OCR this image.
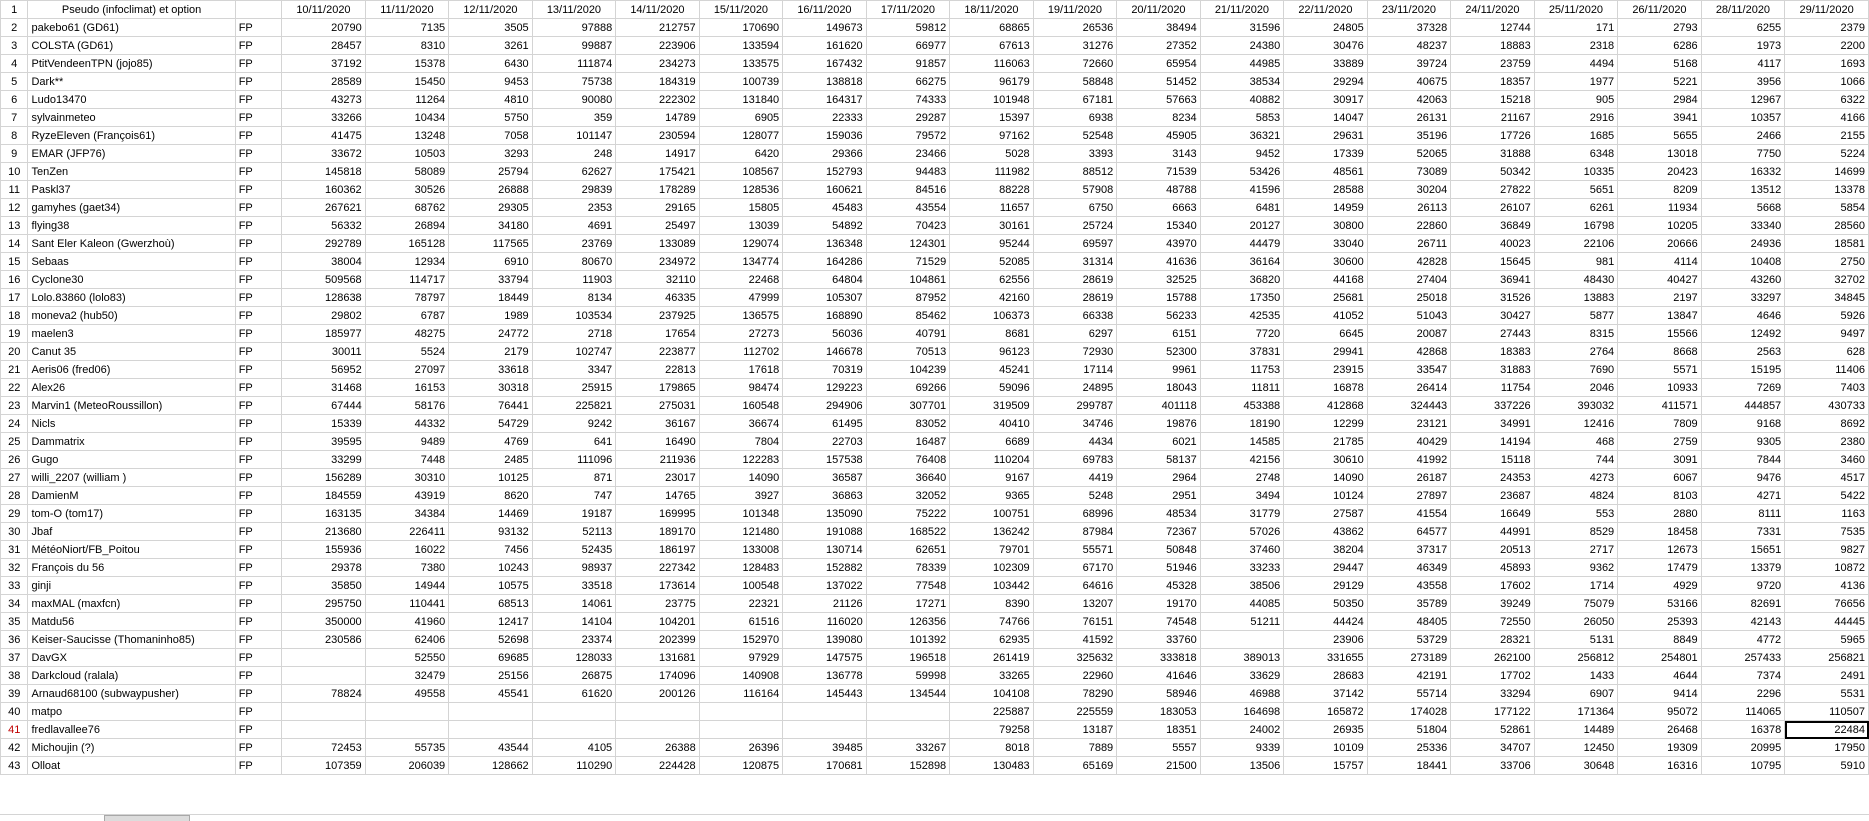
1	Pseudo (infoclimat) et option		10/11/2020	11/11/2020	12/11/2020	13/11/2020	14/11/2020	15/11/2020	16/11/2020	17/11/2020	18/11/2020	19/11/2020	20/11/2020	21/11/2020	22/11/2020	23/11/2020	24/11/2020	25/11/2020	26/11/2020	28/11/2020	29/11/2020
2	pakebo61 (GD61)	FP	20790	7135	3505	97888	212757	170690	149673	59812	68865	26536	38494	31596	24805	37328	12744	171	2793	6255	2379
3	COLSTA (GD61)	FP	28457	8310	3261	99887	223906	133594	161620	66977	67613	31276	27352	24380	30476	48237	18883	2318	6286	1973	2200
4	PtitVendeenTPN (jojo85)	FP	37192	15378	6430	111874	234273	133575	167432	91857	116063	72660	65954	44985	33889	39724	23759	4494	5168	4117	1693
5	Dark**	FP	28589	15450	9453	75738	184319	100739	138818	66275	96179	58848	51452	38534	29294	40675	18357	1977	5221	3956	1066
6	Ludo13470	FP	43273	11264	4810	90080	222302	131840	164317	74333	101948	67181	57663	40882	30917	42063	15218	905	2984	12967	6322
7	sylvainmeteo	FP	33266	10434	5750	359	14789	6905	22333	29287	15397	6938	8234	5853	14047	26131	21167	2916	3941	10357	4166
8	RyzeEleven (François61)	FP	41475	13248	7058	101147	230594	128077	159036	79572	97162	52548	45905	36321	29631	35196	17726	1685	5655	2466	2155
9	EMAR (JFP76)	FP	33672	10503	3293	248	14917	6420	29366	23466	5028	3393	3143	9452	17339	52065	31888	6348	13018	7750	5224
10	TenZen	FP	145818	58089	25794	62627	175421	108567	152793	94483	111982	88512	71539	53426	48561	73089	50342	10335	20423	16332	14699
11	Paskl37	FP	160362	30526	26888	29839	178289	128536	160621	84516	88228	57908	48788	41596	28588	30204	27822	5651	8209	13512	13378
12	gamyhes (gaet34)	FP	267621	68762	29305	2353	29165	15805	45483	43554	11657	6750	6663	6481	14959	26113	26107	6261	11934	5668	5854
13	flying38	FP	56332	26894	34180	4691	25497	13039	54892	70423	30161	25724	15340	20127	30800	22860	36849	16798	10205	33340	28560
14	Sant Eler Kaleon (Gwerzhoù)	FP	292789	165128	117565	23769	133089	129074	136348	124301	95244	69597	43970	44479	33040	26711	40023	22106	20666	24936	18581
15	Sebaas	FP	38004	12934	6910	80670	234972	134774	164286	71529	52085	31314	41636	36164	30600	42828	15645	981	4114	10408	2750
16	Cyclone30	FP	509568	114717	33794	11903	32110	22468	64804	104861	62556	28619	32525	36820	44168	27404	36941	48430	40427	43260	32702
17	Lolo.83860 (lolo83)	FP	128638	78797	18449	8134	46335	47999	105307	87952	42160	28619	15788	17350	25681	25018	31526	13883	2197	33297	34845
18	moneva2 (hub50)	FP	29802	6787	1989	103534	237925	136575	168890	85462	106373	66338	56233	42535	41052	51043	30427	5877	13847	4646	5926
19	maelen3	FP	185977	48275	24772	2718	17654	27273	56036	40791	8681	6297	6151	7720	6645	20087	27443	8315	15566	12492	9497
20	Canut 35	FP	30011	5524	2179	102747	223877	112702	146678	70513	96123	72930	52300	37831	29941	42868	18383	2764	8668	2563	628
21	Aeris06 (fred06)	FP	56952	27097	33618	3347	22813	17618	70319	104239	45241	17114	9961	11753	23915	33547	31883	7690	5571	15195	11406
22	Alex26	FP	31468	16153	30318	25915	179865	98474	129223	69266	59096	24895	18043	11811	16878	26414	11754	2046	10933	7269	7403
23	Marvin1 (MeteoRoussillon)	FP	67444	58176	76441	225821	275031	160548	294906	307701	319509	299787	401118	453388	412868	324443	337226	393032	411571	444857	430733
24	Nicls	FP	15339	44332	54729	9242	36167	36674	61495	83052	40410	34746	19876	18190	12299	23121	34991	12416	7809	9168	8692
25	Dammatrix	FP	39595	9489	4769	641	16490	7804	22703	16487	6689	4434	6021	14585	21785	40429	14194	468	2759	9305	2380
26	Gugo	FP	33299	7448	2485	111096	211936	122283	157538	76408	110204	69783	58137	42156	30610	41992	15118	744	3091	7844	3460
27	willi_2207 (william )	FP	156289	30310	10125	871	23017	14090	36587	36640	9167	4419	2964	2748	14090	26187	24353	4273	6067	9476	4517
28	DamienM	FP	184559	43919	8620	747	14765	3927	36863	32052	9365	5248	2951	3494	10124	27897	23687	4824	8103	4271	5422
29	tom-O (tom17)	FP	163135	34384	14469	19187	169995	101348	135090	75222	100751	68996	48534	31779	27587	41554	16649	553	2880	8111	1163
30	Jbaf	FP	213680	226411	93132	52113	189170	121480	191088	168522	136242	87984	72367	57026	43862	64577	44991	8529	18458	7331	7535
31	MétéoNiort/FB_Poitou	FP	155936	16022	7456	52435	186197	133008	130714	62651	79701	55571	50848	37460	38204	37317	20513	2717	12673	15651	9827
32	François du 56	FP	29378	7380	10243	98937	227342	128483	152882	78339	102309	67170	51946	33233	29447	46349	45893	9362	17479	13379	10872
33	ginji	FP	35850	14944	10575	33518	173614	100548	137022	77548	103442	64616	45328	38506	29129	43558	17602	1714	4929	9720	4136
34	maxMAL (maxfcn)	FP	295750	110441	68513	14061	23775	22321	21126	17271	8390	13207	19170	44085	50350	35789	39249	75079	53166	82691	76656
35	Matdu56	FP	350000	41960	12417	14104	104201	61516	116020	126356	74766	76151	74548	51211	44424	48405	72550	26050	25393	42143	44445
36	Keiser-Saucisse (Thomaninho85)	FP	230586	62406	52698	23374	202399	152970	139080	101392	62935	41592	33760		23906	53729	28321	5131	8849	4772	5965
37	DavGX	FP		52550	69685	128033	131681	97929	147575	196518	261419	325632	333818	389013	331655	273189	262100	256812	254801	257433	256821
38	Darkcloud (ralala)	FP		32479	25156	26875	174096	140908	136778	59998	33265	22960	41646	33629	28683	42191	17702	1433	4644	7374	2491
39	Arnaud68100 (subwaypusher)	FP	78824	49558	45541	61620	200126	116164	145443	134544	104108	78290	58946	46988	37142	55714	33294	6907	9414	2296	5531
40	matpo	FP									225887	225559	183053	164698	165872	174028	177122	171364	95072	114065	110507
41	fredlavallee76	FP									79258	13187	18351	24002	26935	51804	52861	14489	26468	16378	22484
42	Michoujin (?)	FP	72453	55735	43544	4105	26388	26396	39485	33267	8018	7889	5557	9339	10109	25336	34707	12450	19309	20995	17950
43	Olloat	FP	107359	206039	128662	110290	224428	120875	170681	152898	130483	65169	21500	13506	15757	18441	33706	30648	16316	10795	5910
